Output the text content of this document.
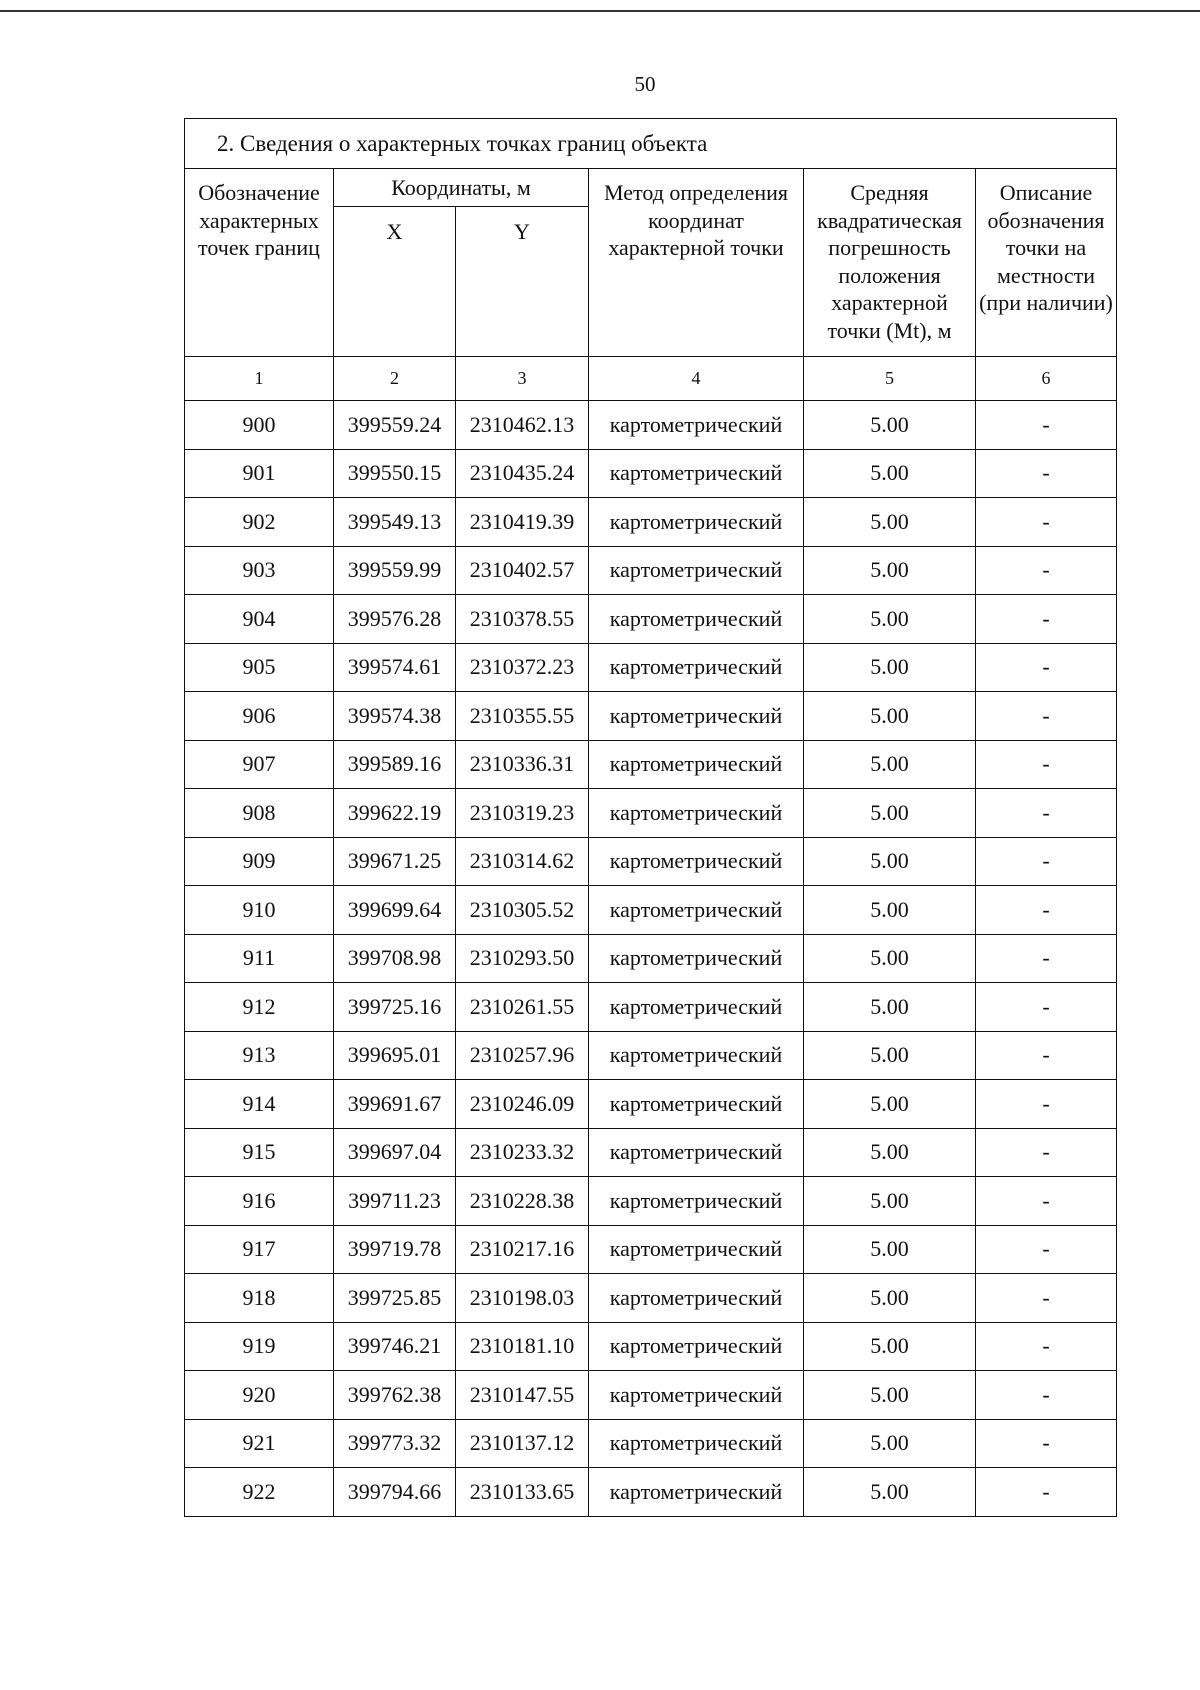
50
2. Сведения о характерных точках границ объекта					
Обозначение характерных точек границ	Координаты, м		Метод определения координат характерной точки	Средняя квадратическая погрешность положения характерной точки (Mt), м	Описание обозначения точки на местности (при наличии)
	X	Y			
1	2	3	4	5	6
900	399559.24	2310462.13	картометрический	5.00	-
901	399550.15	2310435.24	картометрический	5.00	-
902	399549.13	2310419.39	картометрический	5.00	-
903	399559.99	2310402.57	картометрический	5.00	-
904	399576.28	2310378.55	картометрический	5.00	-
905	399574.61	2310372.23	картометрический	5.00	-
906	399574.38	2310355.55	картометрический	5.00	-
907	399589.16	2310336.31	картометрический	5.00	-
908	399622.19	2310319.23	картометрический	5.00	-
909	399671.25	2310314.62	картометрический	5.00	-
910	399699.64	2310305.52	картометрический	5.00	-
911	399708.98	2310293.50	картометрический	5.00	-
912	399725.16	2310261.55	картометрический	5.00	-
913	399695.01	2310257.96	картометрический	5.00	-
914	399691.67	2310246.09	картометрический	5.00	-
915	399697.04	2310233.32	картометрический	5.00	-
916	399711.23	2310228.38	картометрический	5.00	-
917	399719.78	2310217.16	картометрический	5.00	-
918	399725.85	2310198.03	картометрический	5.00	-
919	399746.21	2310181.10	картометрический	5.00	-
920	399762.38	2310147.55	картометрический	5.00	-
921	399773.32	2310137.12	картометрический	5.00	-
922	399794.66	2310133.65	картометрический	5.00	-
